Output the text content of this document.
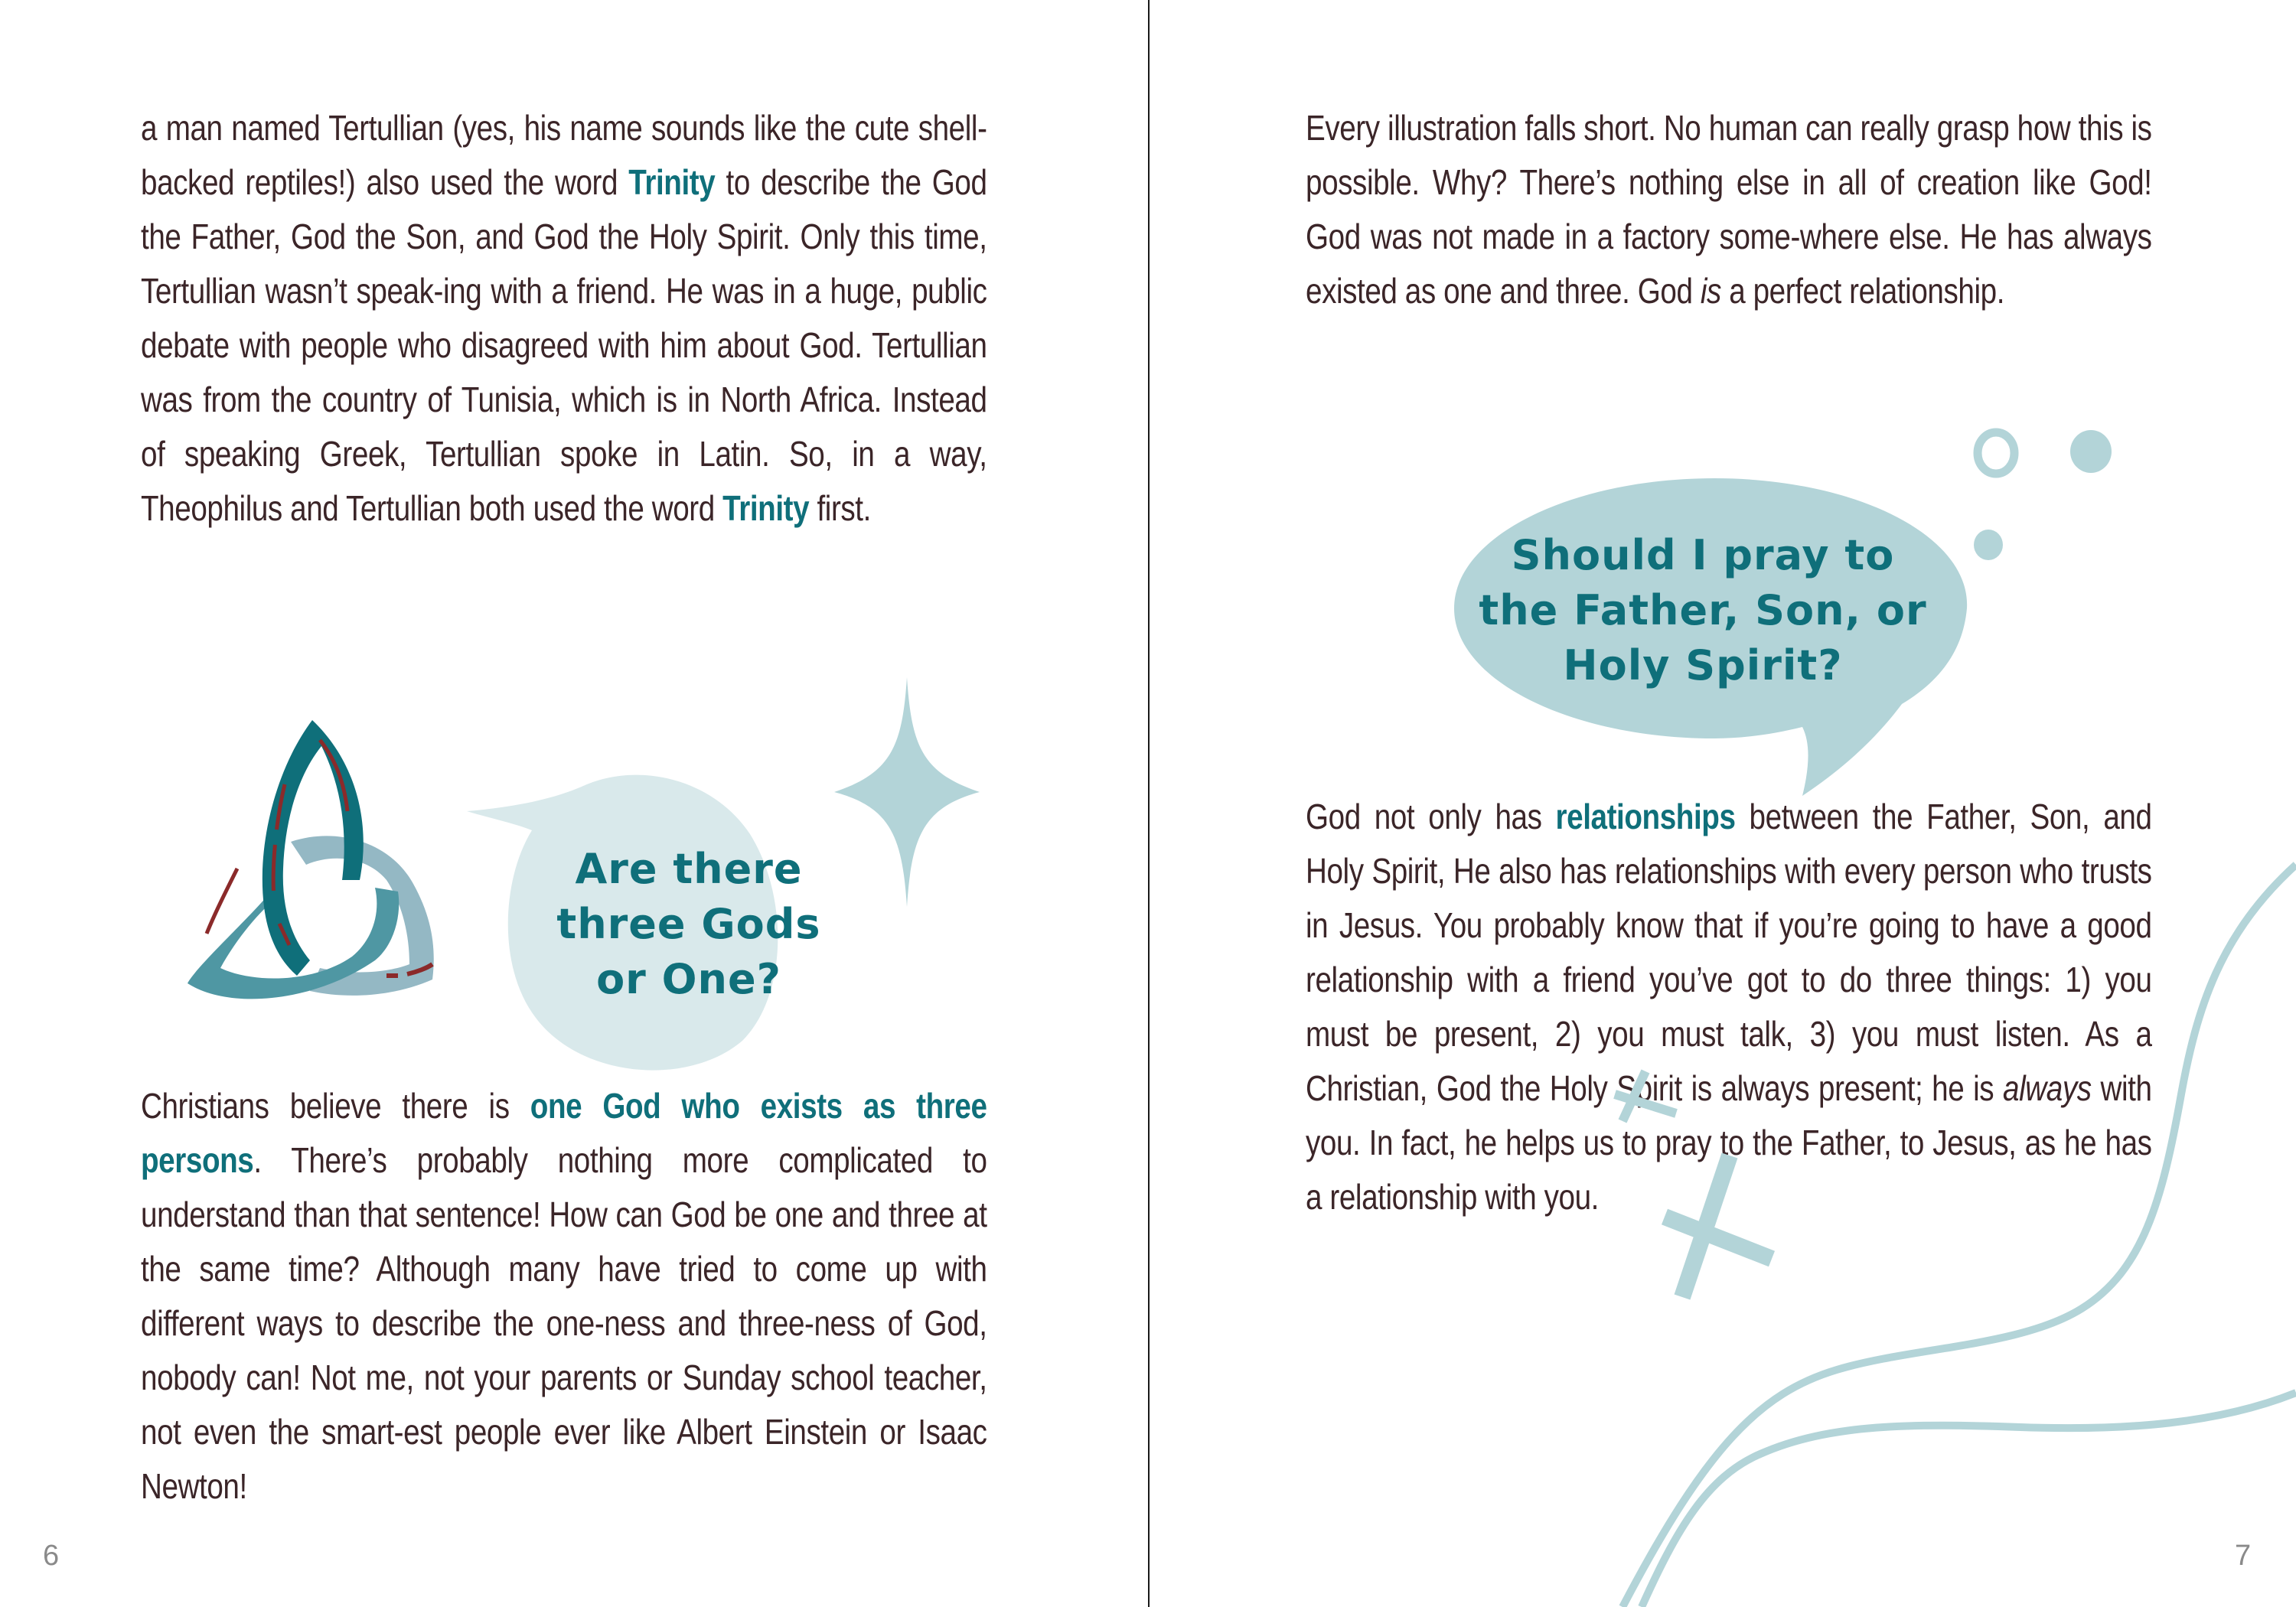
a man named Tertullian (yes, his name sounds like the cute shell-backed reptiles!) also used the word Trinity to describe the God the Father, God the Son, and God the Holy Spirit. Only this time, Tertullian wasn’t speak-ing with a friend. He was in a huge, public debate with people who disagreed with him about God. Tertullian was from the country of Tunisia, which is in North Africa. Instead of speaking Greek, Tertullian spoke in Latin. So, in a way, Theophilus and Tertullian both used the word Trinity first.

Are there
three Gods
or One?

Christians believe there is one God who exists as three persons. There’s probably nothing more complicated to understand than that sentence! How can God be one and three at the same time? Although many have tried to come up with different ways to describe the one-ness and three-ness of God, nobody can! Not me, not your parents or Sunday school teacher, not even the smart-est people ever like Albert Einstein or Isaac Newton!

6

Every illustration falls short. No human can really grasp how this is possible. Why? There’s nothing else in all of creation like God! God was not made in a factory some-where else. He has always existed as one and three. God is a perfect relationship.

Should I pray to
the Father, Son, or
Holy Spirit?

God not only has relationships between the Father, Son, and Holy Spirit, He also has relationships with every person who trusts in Jesus. You probably know that if you’re going to have a good relationship with a friend you’ve got to do three things: 1) you must be present, 2) you must talk, 3) you must listen. As a Christian, God the Holy Spirit is always present; he is always with you. In fact, he helps us to pray to the Father, to Jesus, as he has a relationship with you.

7
